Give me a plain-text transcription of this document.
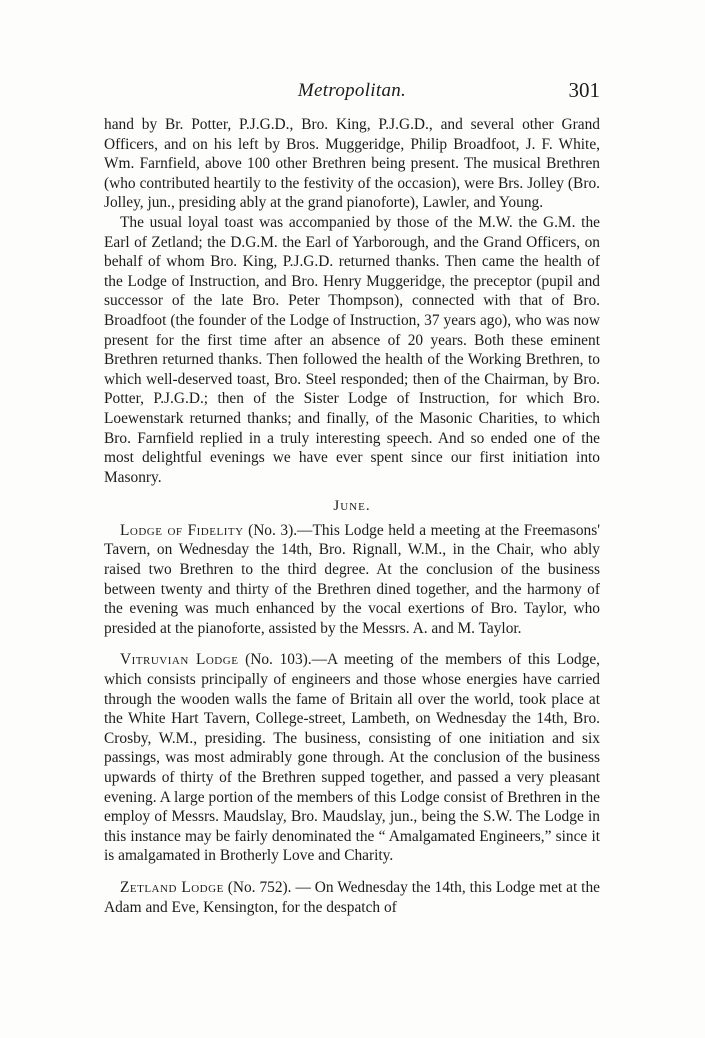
Metropolitan.	301

hand by Br. Potter, P.J.G.D., Bro. King, P.J.G.D., and several other Grand Officers, and on his left by Bros. Muggeridge, Philip Broadfoot, J. F. White, Wm. Farnfield, above 100 other Brethren being present. The musical Brethren (who contributed heartily to the festivity of the occasion), were Brs. Jolley (Bro. Jolley, jun., presiding ably at the grand pianoforte), Lawler, and Young.

The usual loyal toast was accompanied by those of the M.W. the G.M. the Earl of Zetland; the D.G.M. the Earl of Yarborough, and the Grand Officers, on behalf of whom Bro. King, P.J.G.D. returned thanks. Then came the health of the Lodge of Instruction, and Bro. Henry Muggeridge, the preceptor (pupil and successor of the late Bro. Peter Thompson), connected with that of Bro. Broadfoot (the founder of the Lodge of Instruction, 37 years ago), who was now present for the first time after an absence of 20 years. Both these eminent Brethren returned thanks. Then followed the health of the Working Brethren, to which well-deserved toast, Bro. Steel responded; then of the Chairman, by Bro. Potter, P.J.G.D.; then of the Sister Lodge of Instruction, for which Bro. Loewenstark returned thanks; and finally, of the Masonic Charities, to which Bro. Farnfield replied in a truly interesting speech. And so ended one of the most delightful evenings we have ever spent since our first initiation into Masonry.

June.

Lodge of Fidelity (No. 3).—This Lodge held a meeting at the Freemasons' Tavern, on Wednesday the 14th, Bro. Rignall, W.M., in the Chair, who ably raised two Brethren to the third degree. At the conclusion of the business between twenty and thirty of the Brethren dined together, and the harmony of the evening was much enhanced by the vocal exertions of Bro. Taylor, who presided at the pianoforte, assisted by the Messrs. A. and M. Taylor.

Vitruvian Lodge (No. 103).—A meeting of the members of this Lodge, which consists principally of engineers and those whose energies have carried through the wooden walls the fame of Britain all over the world, took place at the White Hart Tavern, College-street, Lambeth, on Wednesday the 14th, Bro. Crosby, W.M., presiding. The business, consisting of one initiation and six passings, was most admirably gone through. At the conclusion of the business upwards of thirty of the Brethren supped together, and passed a very pleasant evening. A large portion of the members of this Lodge consist of Brethren in the employ of Messrs. Maudslay, Bro. Maudslay, jun., being the S.W. The Lodge in this instance may be fairly denominated the “ Amalgamated Engineers,” since it is amalgamated in Brotherly Love and Charity.

Zetland Lodge (No. 752). — On Wednesday the 14th, this Lodge met at the Adam and Eve, Kensington, for the despatch of
